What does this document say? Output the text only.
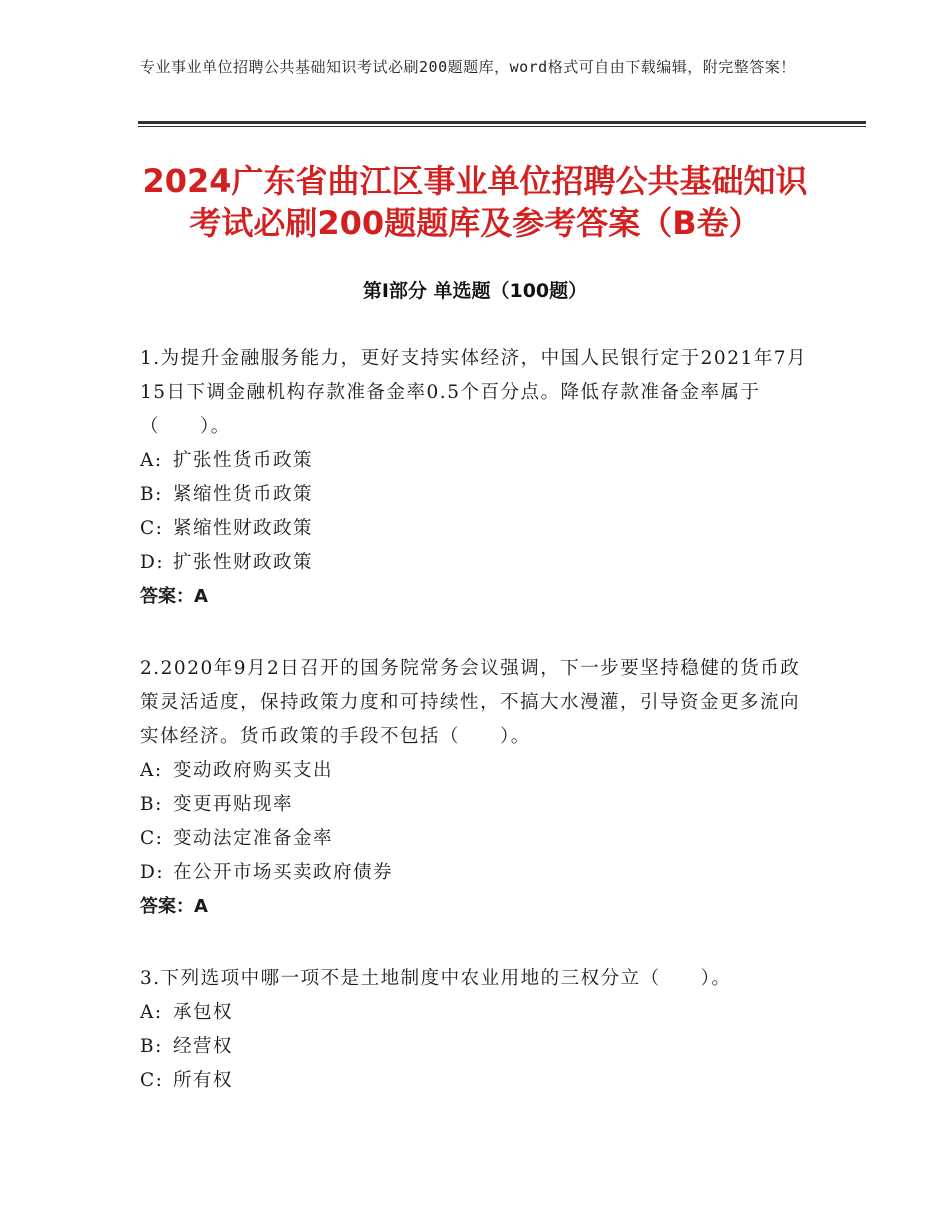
专业事业单位招聘公共基础知识考试必刷200题题库，word格式可自由下载编辑，附完整答案！
2024广东省曲江区事业单位招聘公共基础知识考试必刷200题题库及参考答案（B卷）
第Ⅰ部分 单选题（100题）

1.为提升金融服务能力，更好支持实体经济，中国人民银行定于2021年7月15日下调金融机构存款准备金率0.5个百分点。降低存款准备金率属于（　　）。

A: 扩张性货币政策
B: 紧缩性货币政策
C: 紧缩性财政政策
D: 扩张性财政政策
答案：A

2.2020年9月2日召开的国务院常务会议强调，下一步要坚持稳健的货币政策灵活适度，保持政策力度和可持续性，不搞大水漫灌，引导资金更多流向实体经济。货币政策的手段不包括（　　）。

A: 变动政府购买支出
B: 变更再贴现率
C: 变动法定准备金率
D: 在公开市场买卖政府债券
答案：A

3.下列选项中哪一项不是土地制度中农业用地的三权分立（　　）。

A: 承包权
B: 经营权
C: 所有权
